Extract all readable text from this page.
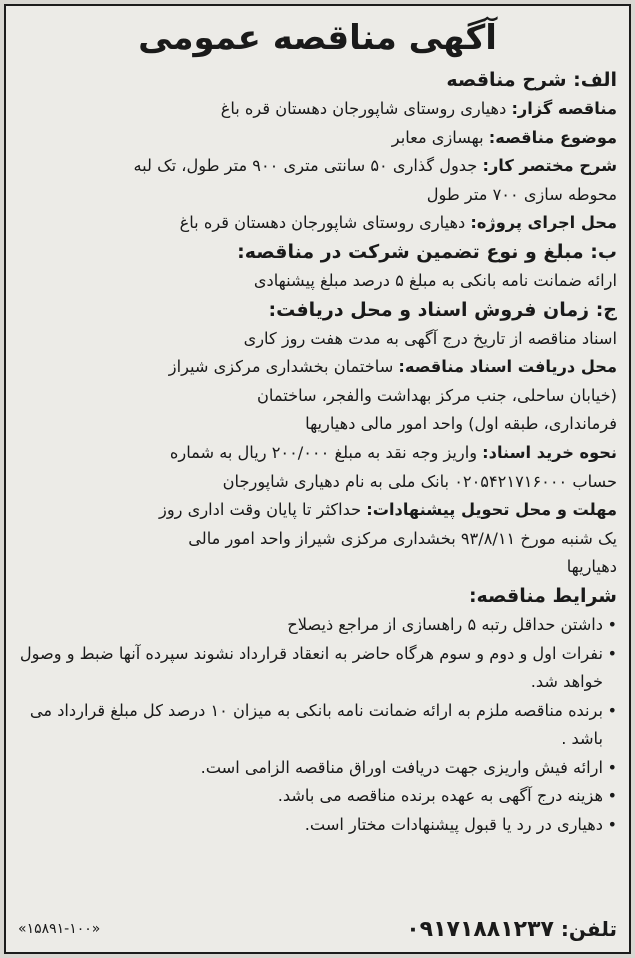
آگهی مناقصه عمومی
الف: شرح مناقصه
مناقصه گزار: دهیاری روستای شاپورجان دهستان قره باغ
موضوع مناقصه: بهسازی معابر
شرح مختصر کار: جدول گذاری ۵۰ سانتی متری ۹۰۰ متر طول، تک لبه
محوطه سازی ۷۰۰ متر طول
محل اجرای پروژه: دهیاری روستای شاپورجان دهستان قره باغ
ب: مبلغ و نوع تضمین شرکت در مناقصه:
ارائه ضمانت نامه بانکی به مبلغ ۵ درصد مبلغ پیشنهادی
ج: زمان فروش اسناد و محل دریافت:
اسناد مناقصه از تاریخ درج آگهی به مدت هفت روز کاری
محل دریافت اسناد مناقصه: ساختمان بخشداری مرکزی شیراز
(خیابان ساحلی، جنب مرکز بهداشت والفجر، ساختمان
فرمانداری، طبقه اول) واحد امور مالی دهیاریها
نحوه خرید اسناد: واریز وجه نقد به مبلغ ۲۰۰/۰۰۰ ریال به شماره
حساب ۰۲۰۵۴۲۱۷۱۶۰۰۰ بانک ملی به نام دهیاری شاپورجان
مهلت و محل تحویل پیشنهادات: حداکثر تا پایان وقت اداری روز
یک شنبه مورخ ۹۳/۸/۱۱ بخشداری مرکزی شیراز واحد امور مالی
دهیاریها
شرایط مناقصه:
• داشتن حداقل رتبه ۵ راهسازی از مراجع ذیصلاح
• نفرات اول و دوم و سوم هرگاه حاضر به انعقاد قرارداد نشوند سپرده آنها ضبط و وصول خواهد شد.
• برنده مناقصه ملزم به ارائه ضمانت نامه بانکی به میزان ۱۰ درصد کل مبلغ قرارداد می باشد .
• ارائه فیش واریزی جهت دریافت اوراق مناقصه الزامی است.
• هزینه درج آگهی به عهده برنده مناقصه می باشد.
• دهیاری در رد یا قبول پیشنهادات مختار است.
تلفن: ۰۹۱۷۱۸۸۱۲۳۷
«۱۵۸۹۱-۱۰۰»
